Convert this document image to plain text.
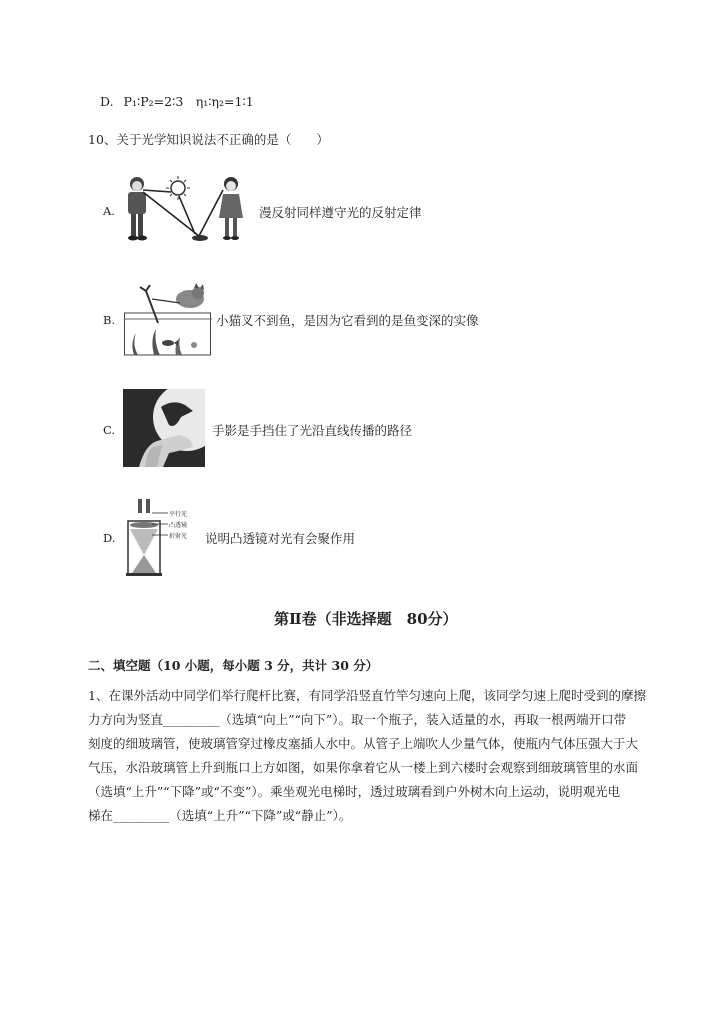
D. P₁∶P₂=2∶3　η₁∶η₂=1∶1
10、关于光学知识说法不正确的是（　　）
A.	漫反射同样遵守光的反射定律
B.	小猫叉不到鱼，是因为它看到的是鱼变深的实像
C.	手影是手挡住了光沿直线传播的路径
D.
平行光
凸透镜
折射光 说明凸透镜对光有会聚作用
第Ⅱ卷（非选择题　80分）
二、填空题（10 小题，每小题 3 分，共计 30 分）
1、在课外活动中同学们举行爬杆比赛，有同学沿竖直竹竿匀速向上爬，该同学匀速上爬时受到的摩擦
力方向为竖直_________（选填“向上”“向下”）。取一个瓶子，装入适量的水，再取一根两端开口带
刻度的细玻璃管，使玻璃管穿过橡皮塞插人水中。从管子上端吹人少量气体，使瓶内气体压强大于大
气压，水沿玻璃管上升到瓶口上方如图，如果你拿着它从一楼上到六楼时会观察到细玻璃管里的水面
（选填“上升”“下降”或“不变”）。乘坐观光电梯时，透过玻璃看到户外树木向上运动，说明观光电
梯在_________（选填“上升”“下降”或“静止”）。
